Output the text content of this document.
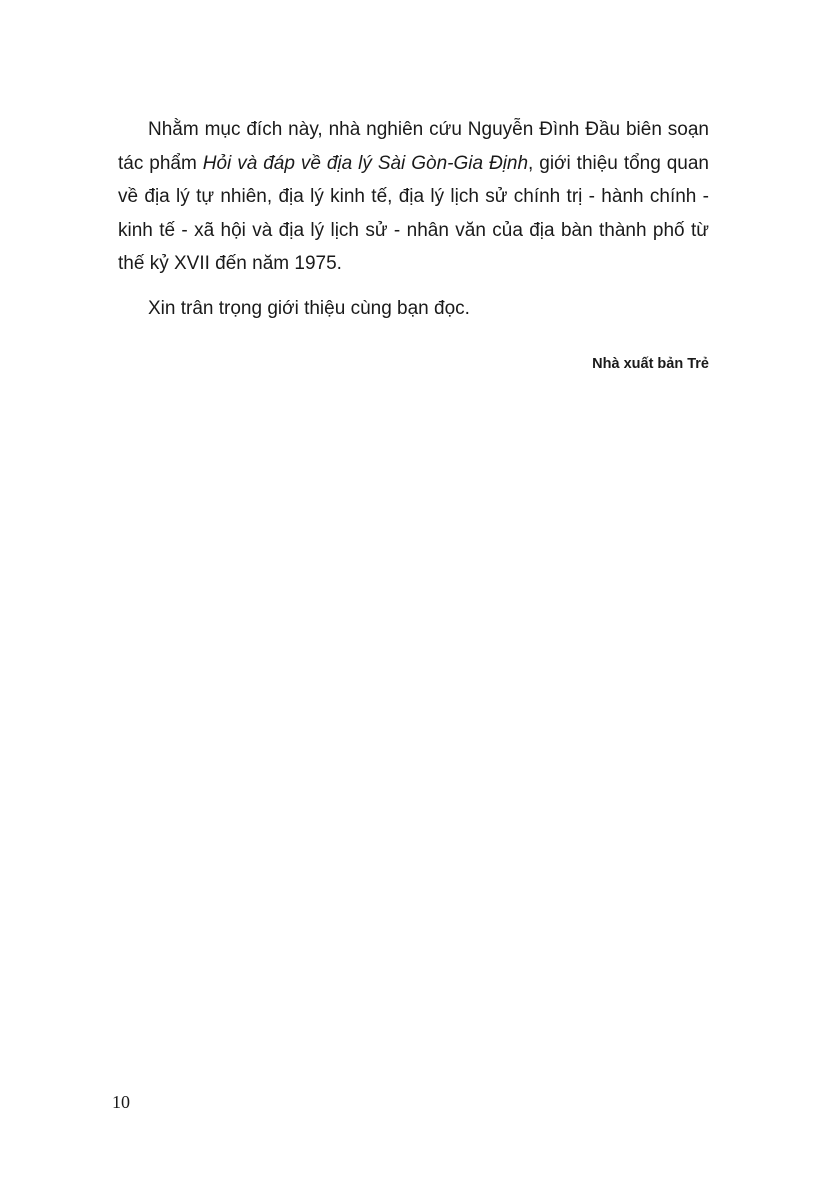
Nhằm mục đích này, nhà nghiên cứu Nguyễn Đình Đầu biên soạn tác phẩm Hỏi và đáp về địa lý Sài Gòn-Gia Định, giới thiệu tổng quan về địa lý tự nhiên, địa lý kinh tế, địa lý lịch sử chính trị - hành chính - kinh tế - xã hội và địa lý lịch sử - nhân văn của địa bàn thành phố từ thế kỷ XVII đến năm 1975.

Xin trân trọng giới thiệu cùng bạn đọc.

Nhà xuất bản Trẻ
10
